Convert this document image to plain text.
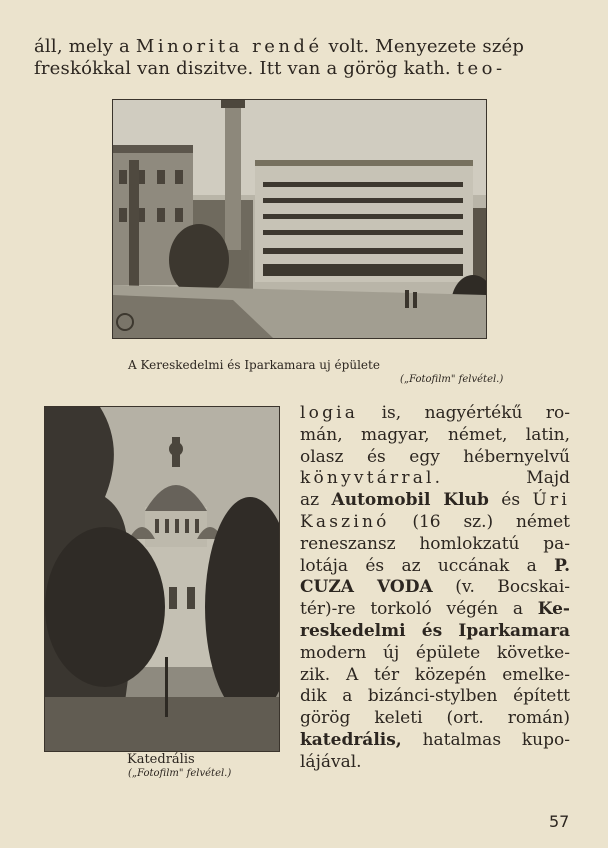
áll, mely a Minorita rendé volt. Menyezete szép
freskókkal van diszitve. Itt van a görög kath. teo-
A Kereskedelmi és Iparkamara uj épülete
(„Fotofilm" felvétel.)
Katedrális
(„Fotofilm" felvétel.)
logia is, nagyértékű ro-
mán, magyar, német, latin,
olasz és egy hébernyelvű
könyvtárral. Majd
az Automobil Klub és Úri
Kaszinó (16 sz.) német
reneszansz homlokzatú pa-
lotája és az uccának a P.
CUZA VODA (v. Bocskai-
tér)-re torkoló végén a Ke-
reskedelmi és Iparkamara
modern új épülete követke-
zik. A tér közepén emelke-
dik a bizánci-stylben épített
görög keleti (ort. román)
katedrális, hatalmas kupo-
lájával.
57
